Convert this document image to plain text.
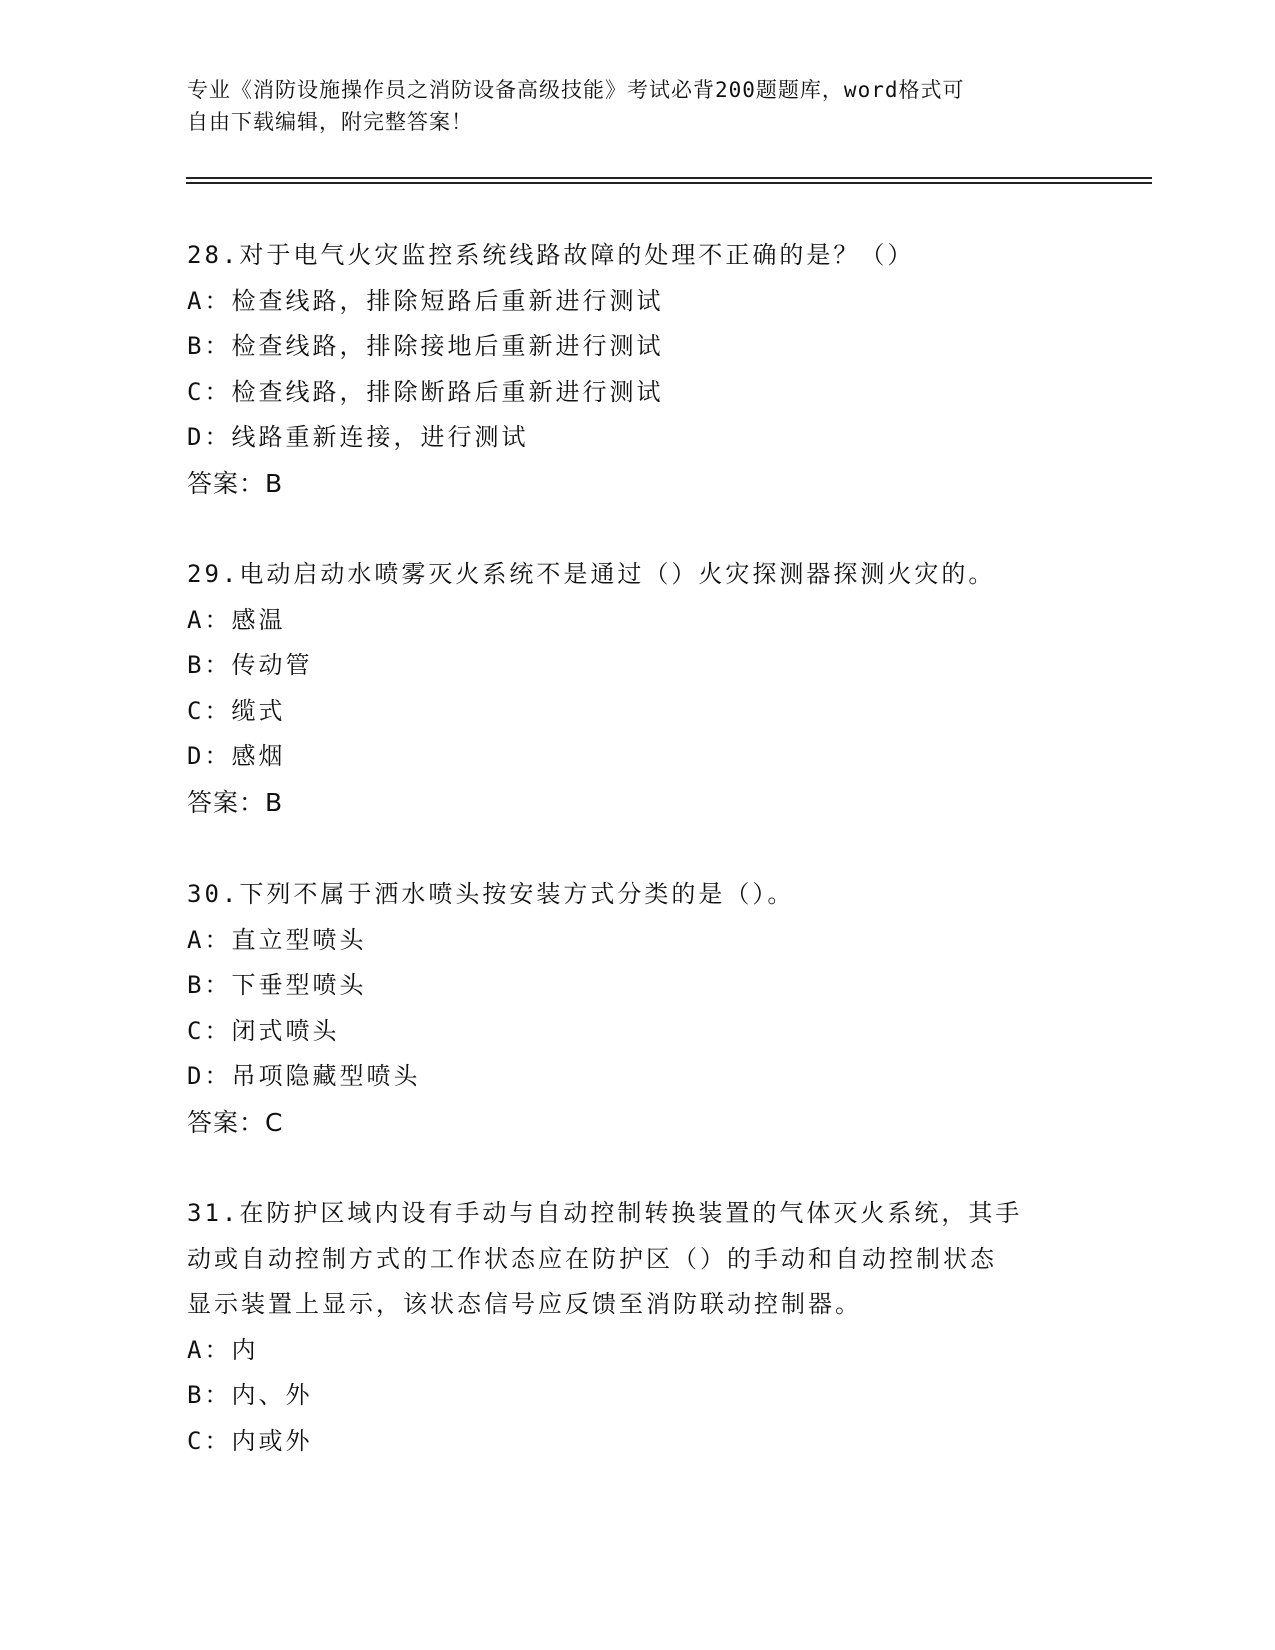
专业《消防设施操作员之消防设备高级技能》考试必背200题题库，word格式可
自由下载编辑，附完整答案！
28.对于电气火灾监控系统线路故障的处理不正确的是？（）
A：检查线路，排除短路后重新进行测试
B：检查线路，排除接地后重新进行测试
C：检查线路，排除断路后重新进行测试
D：线路重新连接，进行测试
答案：B
29.电动启动水喷雾灭火系统不是通过（）火灾探测器探测火灾的。
A：感温
B：传动管
C：缆式
D：感烟
答案：B
30.下列不属于洒水喷头按安装方式分类的是（）。
A：直立型喷头
B：下垂型喷头
C：闭式喷头
D：吊项隐藏型喷头
答案：C
31.在防护区域内设有手动与自动控制转换装置的气体灭火系统，其手
动或自动控制方式的工作状态应在防护区（）的手动和自动控制状态
显示装置上显示，该状态信号应反馈至消防联动控制器。
A：内
B：内、外
C：内或外
